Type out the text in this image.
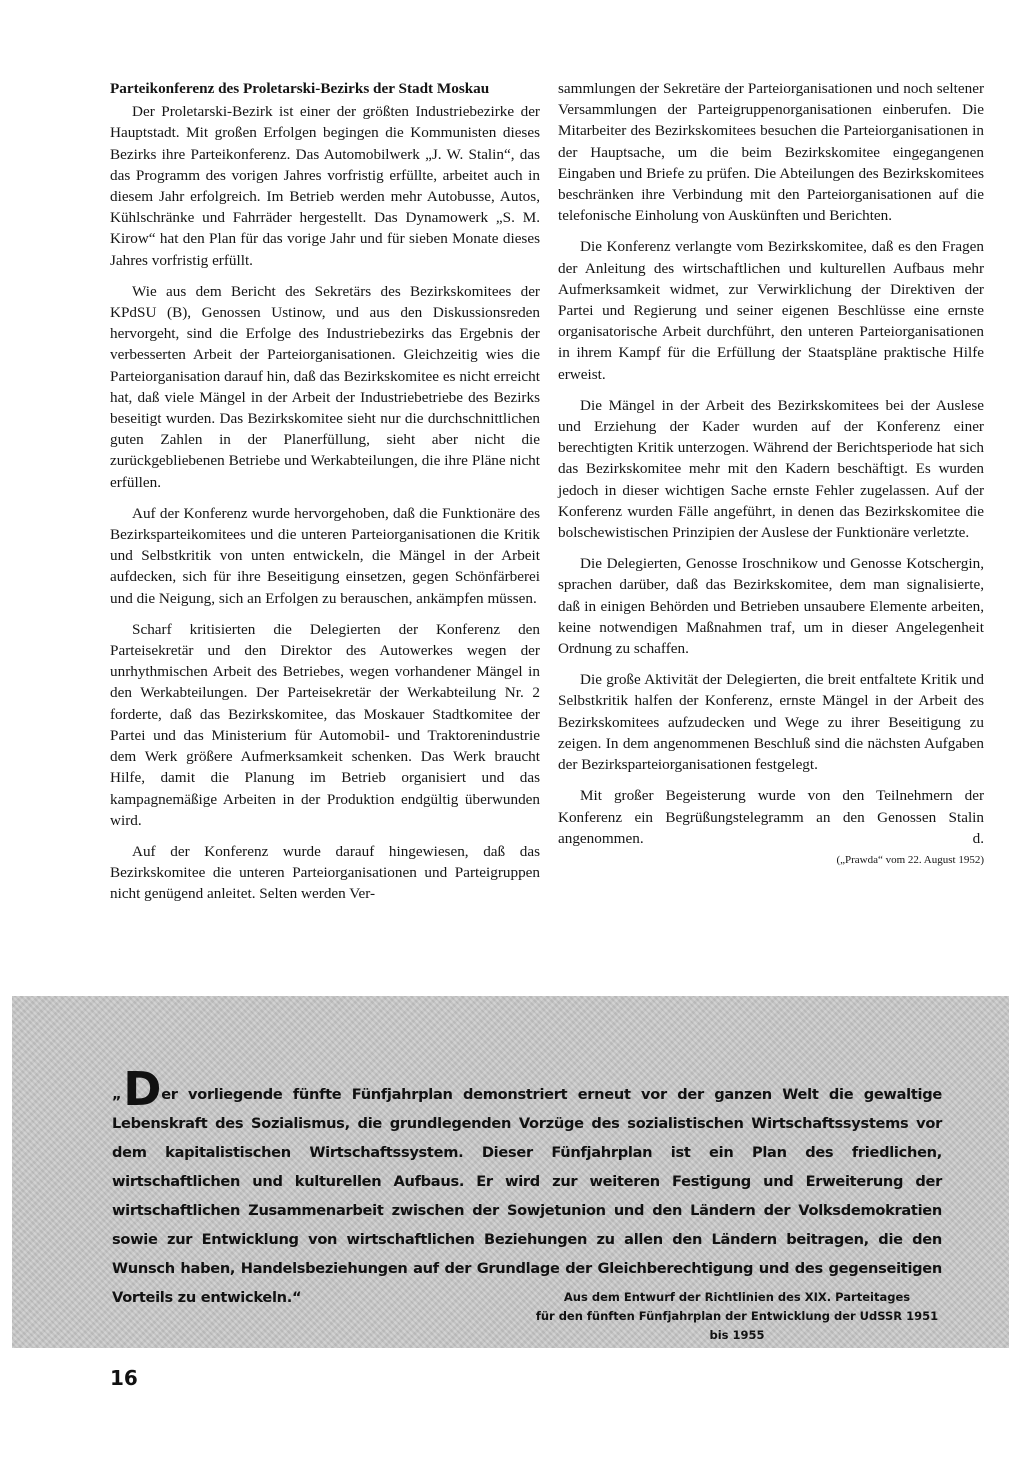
Parteikonferenz des Proletarski-Bezirks der Stadt Moskau

Der Proletarski-Bezirk ist einer der größten Industriebezirke der Hauptstadt. Mit großen Erfolgen begingen die Kommunisten dieses Bezirks ihre Parteikonferenz. Das Automobilwerk „J. W. Stalin“, das das Programm des vorigen Jahres vorfristig erfüllte, arbeitet auch in diesem Jahr erfolgreich. Im Betrieb werden mehr Autobusse, Autos, Kühlschränke und Fahrräder hergestellt. Das Dynamowerk „S. M. Kirow“ hat den Plan für das vorige Jahr und für sieben Monate dieses Jahres vorfristig erfüllt.

Wie aus dem Bericht des Sekretärs des Bezirkskomitees der KPdSU (B), Genossen Ustinow, und aus den Diskussionsreden hervorgeht, sind die Erfolge des Industriebezirks das Ergebnis der verbesserten Arbeit der Parteiorganisationen. Gleichzeitig wies die Parteiorganisation darauf hin, daß das Bezirkskomitee es nicht erreicht hat, daß viele Mängel in der Arbeit der Industriebetriebe des Bezirks beseitigt wurden. Das Bezirkskomitee sieht nur die durchschnittlichen guten Zahlen in der Planerfüllung, sieht aber nicht die zurückgebliebenen Betriebe und Werkabteilungen, die ihre Pläne nicht erfüllen.

Auf der Konferenz wurde hervorgehoben, daß die Funktionäre des Bezirksparteikomitees und die unteren Parteiorganisationen die Kritik und Selbstkritik von unten entwickeln, die Mängel in der Arbeit aufdecken, sich für ihre Beseitigung einsetzen, gegen Schönfärberei und die Neigung, sich an Erfolgen zu berauschen, ankämpfen müssen.

Scharf kritisierten die Delegierten der Konferenz den Parteisekretär und den Direktor des Autowerkes wegen der unrhythmischen Arbeit des Betriebes, wegen vorhandener Mängel in den Werkabteilungen. Der Parteisekretär der Werkabteilung Nr. 2 forderte, daß das Bezirkskomitee, das Moskauer Stadtkomitee der Partei und das Ministerium für Automobil- und Traktorenindustrie dem Werk größere Aufmerksamkeit schenken. Das Werk braucht Hilfe, damit die Planung im Betrieb organisiert und das kampagnemäßige Arbeiten in der Produktion endgültig überwunden wird.

Auf der Konferenz wurde darauf hingewiesen, daß das Bezirkskomitee die unteren Parteiorganisationen und Parteigruppen nicht genügend anleitet. Selten werden Ver-

sammlungen der Sekretäre der Parteiorganisationen und noch seltener Versammlungen der Parteigruppenorganisationen einberufen. Die Mitarbeiter des Bezirkskomitees besuchen die Parteiorganisationen in der Hauptsache, um die beim Bezirkskomitee eingegangenen Eingaben und Briefe zu prüfen. Die Abteilungen des Bezirkskomitees beschränken ihre Verbindung mit den Parteiorganisationen auf die telefonische Einholung von Auskünften und Berichten.

Die Konferenz verlangte vom Bezirkskomitee, daß es den Fragen der Anleitung des wirtschaftlichen und kulturellen Aufbaus mehr Aufmerksamkeit widmet, zur Verwirklichung der Direktiven der Partei und Regierung und seiner eigenen Beschlüsse eine ernste organisatorische Arbeit durchführt, den unteren Parteiorganisationen in ihrem Kampf für die Erfüllung der Staatspläne praktische Hilfe erweist.

Die Mängel in der Arbeit des Bezirkskomitees bei der Auslese und Erziehung der Kader wurden auf der Konferenz einer berechtigten Kritik unterzogen. Während der Berichtsperiode hat sich das Bezirkskomitee mehr mit den Kadern beschäftigt. Es wurden jedoch in dieser wichtigen Sache ernste Fehler zugelassen. Auf der Konferenz wurden Fälle angeführt, in denen das Bezirkskomitee die bolschewistischen Prinzipien der Auslese der Funktionäre verletzte.

Die Delegierten, Genosse Iroschnikow und Genosse Kotschergin, sprachen darüber, daß das Bezirkskomitee, dem man signalisierte, daß in einigen Behörden und Betrieben unsaubere Elemente arbeiten, keine notwendigen Maßnahmen traf, um in dieser Angelegenheit Ordnung zu schaffen.

Die große Aktivität der Delegierten, die breit entfaltete Kritik und Selbstkritik halfen der Konferenz, ernste Mängel in der Arbeit des Bezirkskomitees aufzudecken und Wege zu ihrer Beseitigung zu zeigen. In dem angenommenen Beschluß sind die nächsten Aufgaben der Bezirksparteiorganisationen festgelegt.

Mit großer Begeisterung wurde von den Teilnehmern der Konferenz ein Begrüßungstelegramm an den Genossen Stalin angenommen.	d.

(„Prawda“ vom 22. August 1952)
„Der vorliegende fünfte Fünfjahrplan demonstriert erneut vor der ganzen Welt die gewaltige Lebenskraft des Sozialismus, die grundlegenden Vorzüge des sozialistischen Wirtschaftssystems vor dem kapitalistischen Wirtschaftssystem. Dieser Fünfjahrplan ist ein Plan des friedlichen, wirtschaftlichen und kulturellen Aufbaus. Er wird zur weiteren Festigung und Erweiterung der wirtschaftlichen Zusammenarbeit zwischen der Sowjetunion und den Ländern der Volksdemokratien sowie zur Entwicklung von wirtschaftlichen Beziehungen zu allen den Ländern beitragen, die den Wunsch haben, Handelsbeziehungen auf der Grundlage der Gleichberechtigung und des gegenseitigen Vorteils zu entwickeln.“	Aus dem Entwurf der Richtlinien des XIX. Parteitages
für den fünften Fünfjahrplan der Entwicklung der UdSSR 1951 bis 1955
16
